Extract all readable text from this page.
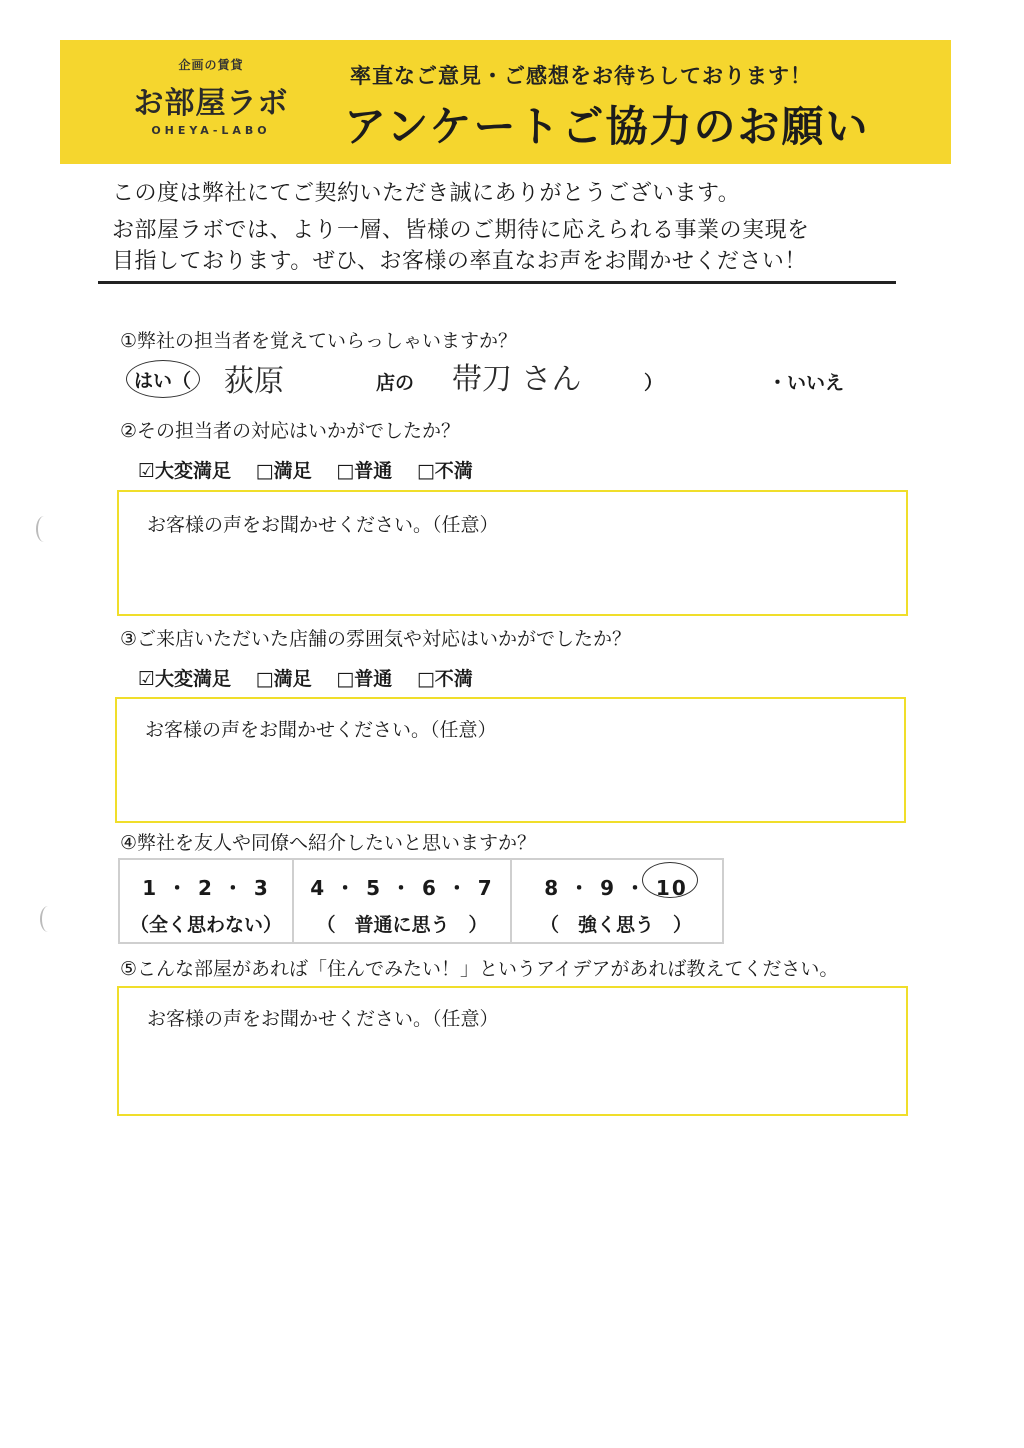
企画の賃貸
お部屋ラボ
OHEYA-LABO
率直なご意見・ご感想をお待ちしております！
アンケートご協力のお願い
この度は弊社にてご契約いただき誠にありがとうございます。
お部屋ラボでは、より一層、皆様のご期待に応えられる事業の実現を
目指しております。ぜひ、お客様の率直なお声をお聞かせください！
①弊社の担当者を覚えていらっしゃいますか？
はい（ 荻原	店の 帯刀 さん	）	・いいえ
②その担当者の対応はいかがでしたか？
☑大変満足 □満足 □普通 □不満
お客様の声をお聞かせください。（任意）
③ご来店いただいた店舗の雰囲気や対応はいかがでしたか？
☑大変満足 □満足 □普通 □不満
お客様の声をお聞かせください。（任意）
④弊社を友人や同僚へ紹介したいと思いますか？
1 ・ 2 ・ 3
（全く思わない）
4 ・ 5 ・ 6 ・ 7
（　普通に思う　）
8 ・ 9 ・ 10
（　強く思う　）
⑤こんな部屋があれば「住んでみたい！」というアイデアがあれば教えてください。
お客様の声をお聞かせください。（任意）
